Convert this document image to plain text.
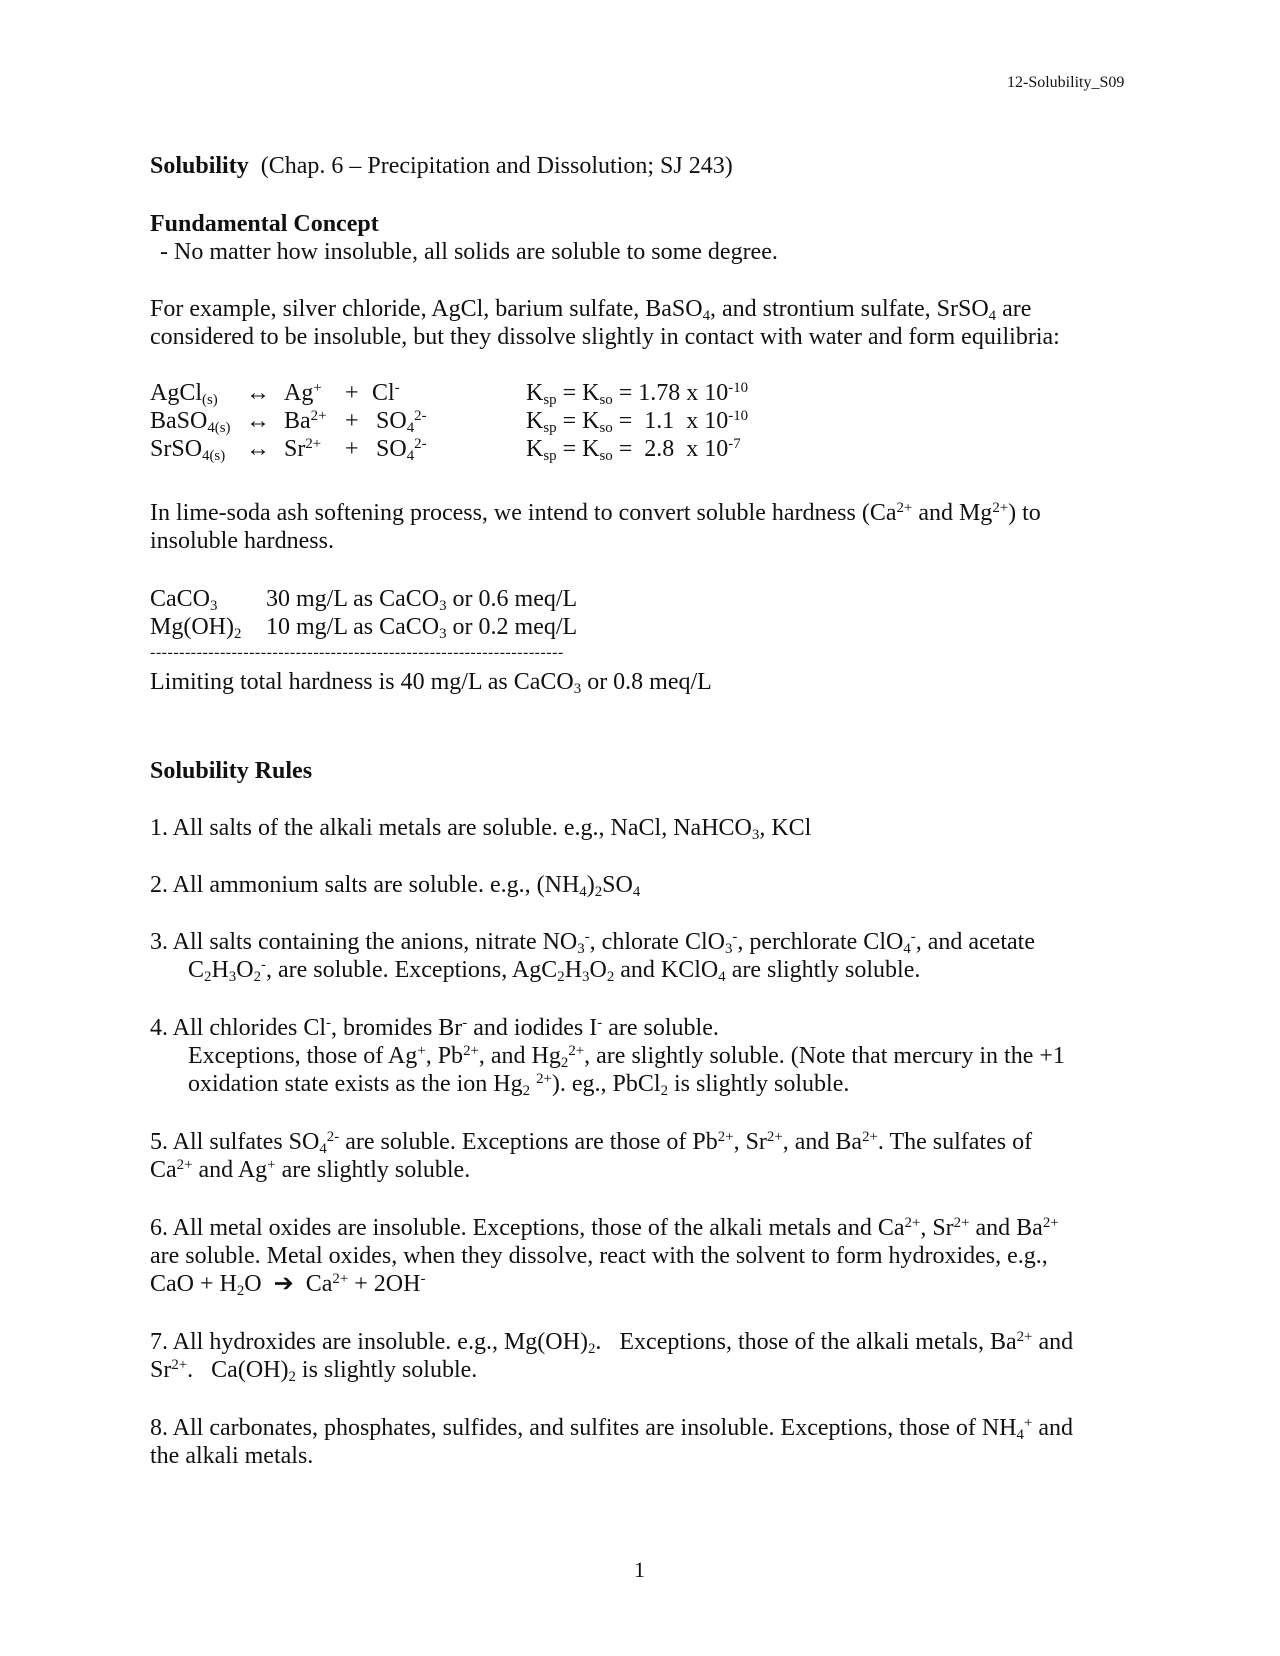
12-Solubility_S09
Solubility (Chap. 6 – Precipitation and Dissolution; SJ 243)
Fundamental Concept
- No matter how insoluble, all solids are soluble to some degree.
For example, silver chloride, AgCl, barium sulfate, BaSO$_4$, and strontium sulfate, SrSO$_4$ are
considered to be insoluble, but they dissolve slightly in contact with water and form equilibria:
AgCl$_{(s)}$ ↔ Ag+ + Cl-	$K_{sp} = K_{so} = 1.78$ x $10^{-10}$
BaSO$_{4(s)}$ ↔ $Ba^{2+} + SO_4^{2-}$	$K_{sp} = K_{so} = 1.1$  x $10^{-10}$
SrSO$_{4(s)}$ ↔ $Sr^{2+} + SO_4^{2-}$	$K_{sp} = K_{so} = 2.8$  x $10^{-7}$
In lime-soda ash softening process, we intend to convert soluble hardness ($Ca^{2+}$ and $Mg^{2+}$) to
insoluble hardness.
CaCO$_3$ 30 mg/L as CaCO$_3$ or 0.6 meq/L
$Mg(OH)_2$ 10 mg/L as CaCO$_3$ or 0.2 meq/L
-----------------------------------------------------------------------
Limiting total hardness is 40 mg/L as CaCO$_3$ or 0.8 meq/L
Solubility Rules
1. All salts of the alkali metals are soluble. e.g., NaCl, NaHCO$_3$, KCl
2. All ammonium salts are soluble. e.g., $(NH_4)_2SO_4$
3. All salts containing the anions, nitrate $NO_3^-$, chlorate ClO$_3$-, perchlorate ClO$_4$-, and acetate
$C_2H_3O_2^-$, are soluble. Exceptions, $AgC_2H_3O_2$ and KClO$_4$ are slightly soluble.
4. All chlorides Cl-, bromides Br- and iodides I- are soluble.
Exceptions, those of Ag+, $Pb^{2+}$, and $Hg_2^{2+}$, are slightly soluble. (Note that mercury in the +1
oxidation state exists as the ion $Hg_2$ $^{2+}$). eg., PbCl$_2$ is slightly soluble.
5. All sulfates $SO_4^{2-}$ are soluble. Exceptions are those of $Pb^{2+}$, $Sr^{2+}$, and $Ba^{2+}$. The sulfates of
$Ca^{2+}$ and Ag+ are slightly soluble.
6. All metal oxides are insoluble. Exceptions, those of the alkali metals and $Ca^{2+}$, $Sr^{2+}$ and $Ba^{2+}$
are soluble. Metal oxides, when they dissolve, react with the solvent to form hydroxides, e.g.,
CaO + $H_2O$  ➔  $Ca^{2+} + 2OH^-$
7. All hydroxides are insoluble. e.g., $Mg(OH)_2$.   Exceptions, those of the alkali metals, $Ba^{2+}$ and
$Sr^{2+}$.   $Ca(OH)_2$ is slightly soluble.
8. All carbonates, phosphates, sulfides, and sulfites are insoluble. Exceptions, those of $NH_4^+$ and
the alkali metals.
1
